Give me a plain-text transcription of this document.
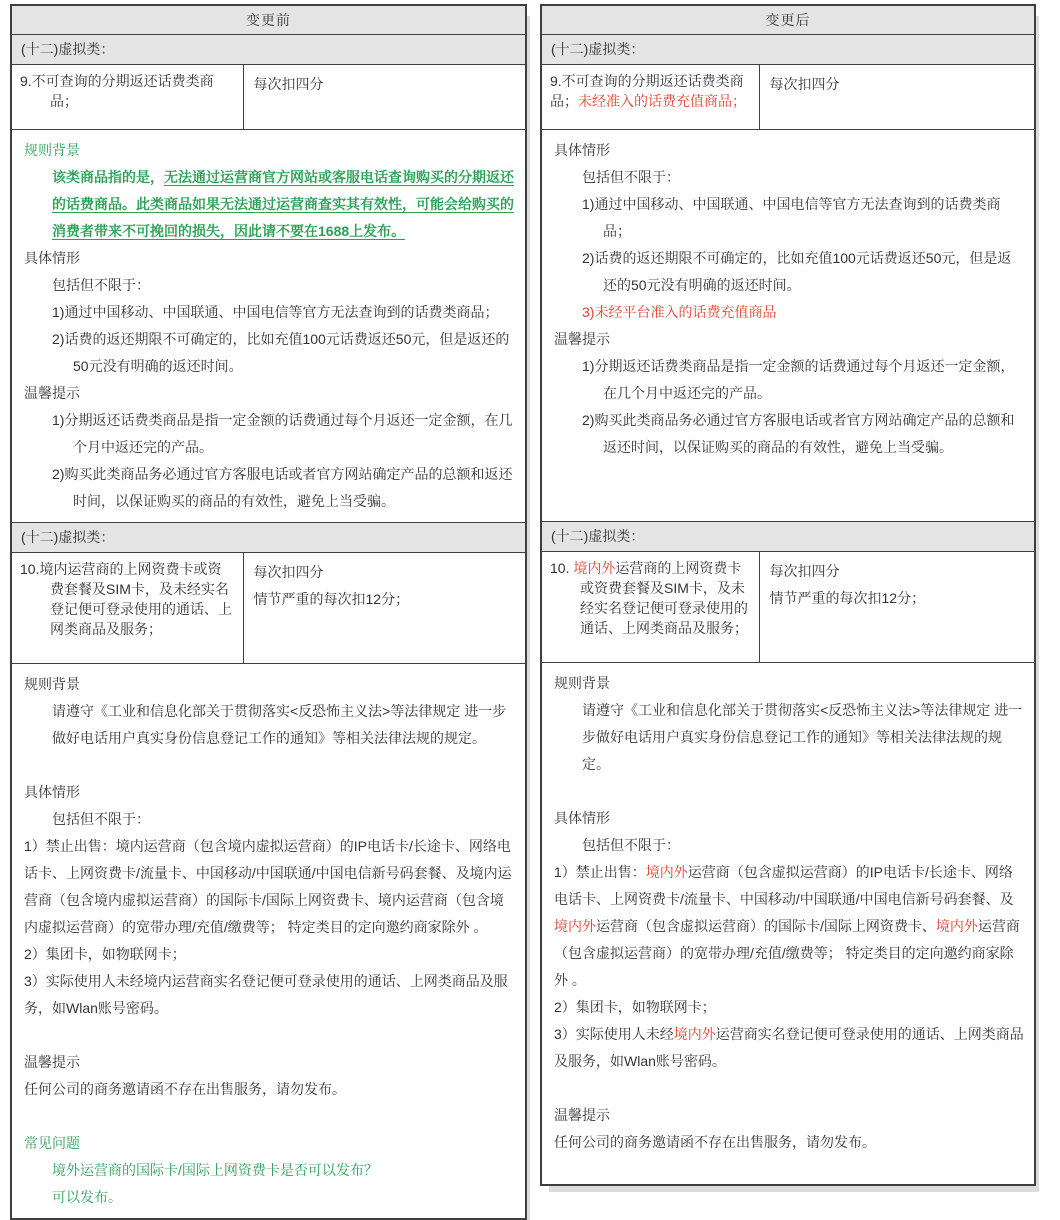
变更前	
(十二)虚拟类：	
9.不可查询的分期返还话费类商品；	每次扣四分

规则背景
该类商品指的是，无法通过运营商官方网站或客服电话查询购买的分期返还的话费商品。此类商品如果无法通过运营商查实其有效性，可能会给购买的消费者带来不可挽回的损失，因此请不要在1688上发布。
具体情形
包括但不限于：
1)通过中国移动、中国联通、中国电信等官方无法查询到的话费类商品；
2)话费的返还期限不可确定的，比如充值100元话费返还50元，但是返还的50元没有明确的返还时间。
温馨提示
1)分期返还话费类商品是指一定金额的话费通过每个月返还一定金额，在几个月中返还完的产品。
2)购买此类商品务必通过官方客服电话或者官方网站确定产品的总额和返还时间，以保证购买的商品的有效性，避免上当受骗。

(十二)虚拟类：	
10.境内运营商的上网资费卡或资费套餐及SIM卡，及未经实名登记便可登录使用的通话、上网类商品及服务；	每次扣四分
情节严重的每次扣12分；

规则背景
请遵守《工业和信息化部关于贯彻落实<反恐怖主义法>等法律规定 进一步做好电话用户真实身份信息登记工作的通知》等相关法律法规的规定。
具体情形
包括但不限于：
1）禁止出售：境内运营商（包含境内虚拟运营商）的IP电话卡/长途卡、网络电话卡、上网资费卡/流量卡、中国移动/中国联通/中国电信新号码套餐、及境内运营商（包含境内虚拟运营商）的国际卡/国际上网资费卡、境内运营商（包含境内虚拟运营商）的宽带办理/充值/缴费等； 特定类目的定向邀约商家除外 。
2）集团卡，如物联网卡；
3）实际使用人未经境内运营商实名登记便可登录使用的通话、上网类商品及服务，如Wlan账号密码。
温馨提示
任何公司的商务邀请函不存在出售服务，请勿发布。
常见问题
境外运营商的国际卡/国际上网资费卡是否可以发布？
可以发布。
变更后	
(十二)虚拟类：	
9.不可查询的分期返还话费类商品；未经准入的话费充值商品；	每次扣四分

具体情形
包括但不限于：
1)通过中国移动、中国联通、中国电信等官方无法查询到的话费类商品；
2)话费的返还期限不可确定的，比如充值100元话费返还50元，但是返还的50元没有明确的返还时间。
3)未经平台准入的话费充值商品
温馨提示
1)分期返还话费类商品是指一定金额的话费通过每个月返还一定金额，在几个月中返还完的产品。
2)购买此类商品务必通过官方客服电话或者官方网站确定产品的总额和返还时间，以保证购买的商品的有效性，避免上当受骗。

(十二)虚拟类：	
10. 境内外运营商的上网资费卡或资费套餐及SIM卡，及未经实名登记便可登录使用的通话、上网类商品及服务；	每次扣四分
情节严重的每次扣12分；

规则背景
请遵守《工业和信息化部关于贯彻落实<反恐怖主义法>等法律规定 进一步做好电话用户真实身份信息登记工作的通知》等相关法律法规的规定。
具体情形
包括但不限于：
1）禁止出售：境内外运营商（包含虚拟运营商）的IP电话卡/长途卡、网络电话卡、上网资费卡/流量卡、中国移动/中国联通/中国电信新号码套餐、及境内外运营商（包含虚拟运营商）的国际卡/国际上网资费卡、境内外运营商（包含虚拟运营商）的宽带办理/充值/缴费等； 特定类目的定向邀约商家除外 。
2）集团卡，如物联网卡；
3）实际使用人未经境内外运营商实名登记便可登录使用的通话、上网类商品及服务，如Wlan账号密码。
温馨提示
任何公司的商务邀请函不存在出售服务，请勿发布。
